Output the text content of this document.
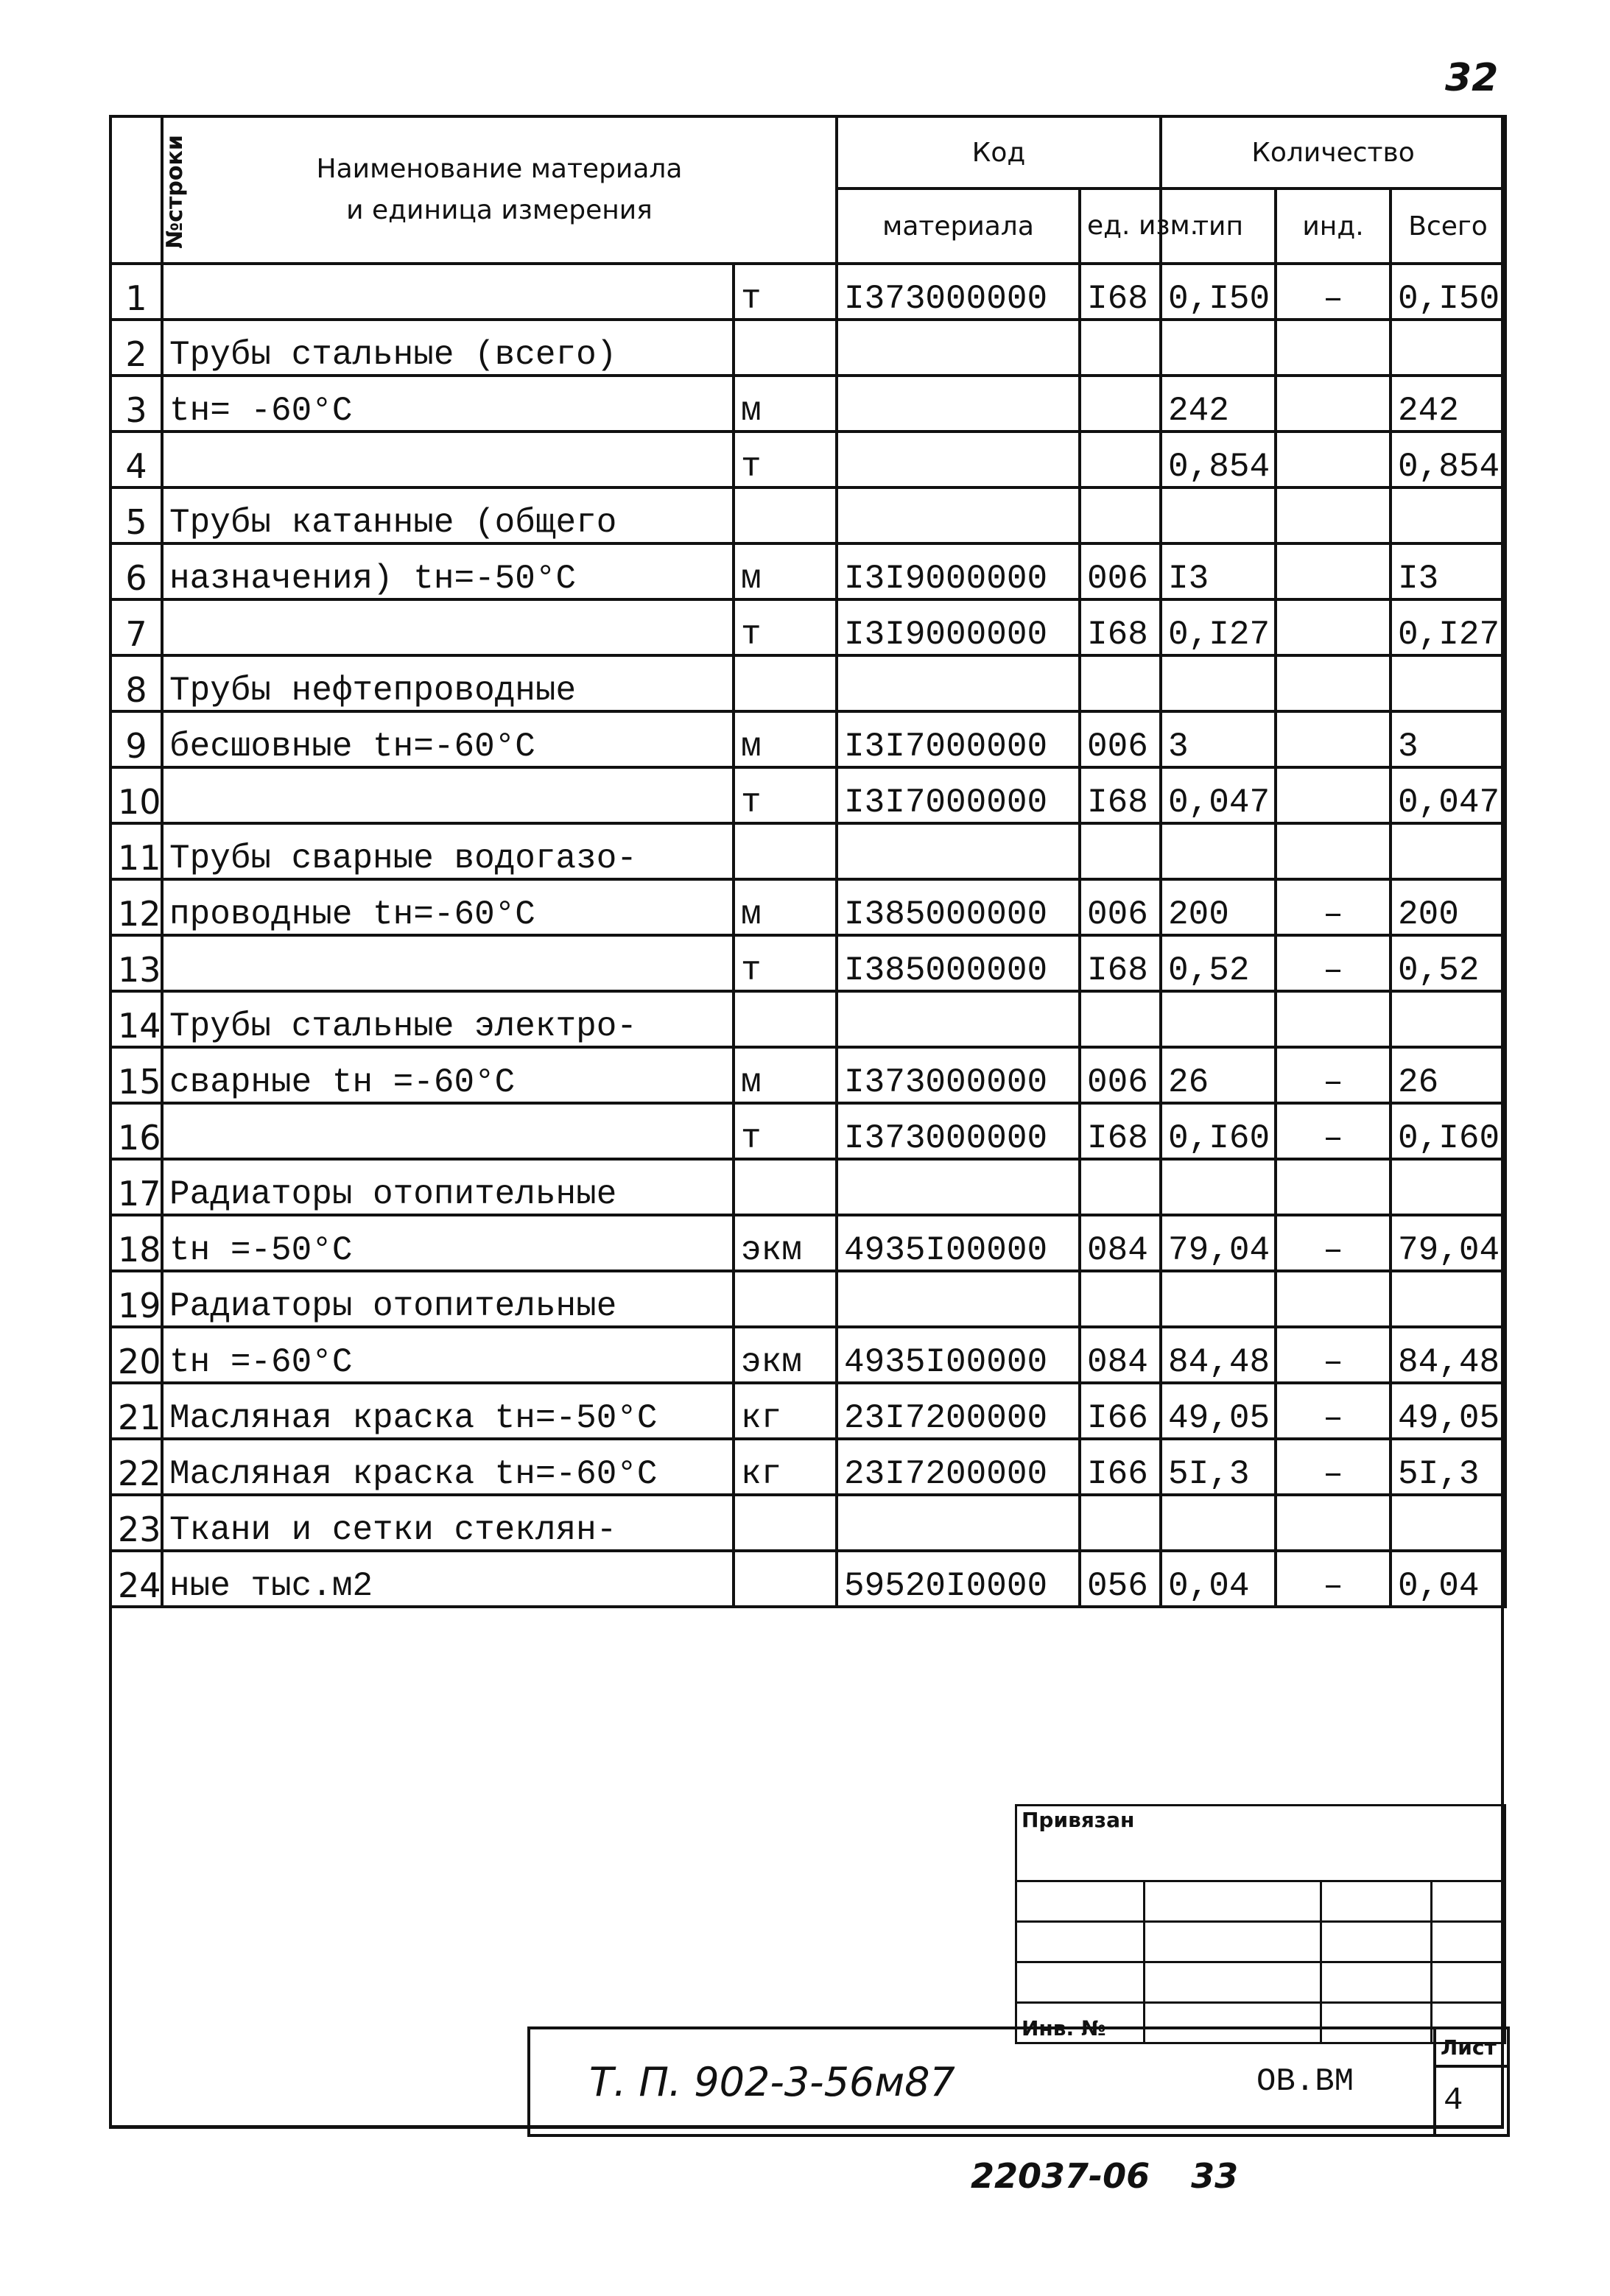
32
№строки	Наименование материала
и единица измерения		Код		Количество		
			материала	ед. изм.	тип	инд.	Всего
1		т	I373000000	I68	0,I50	–	0,I50
2	Трубы стальные (всего)						
3	tн= -60°С	м			242		242
4		т			0,854		0,854
5	Трубы катанные (общего						
6	назначения) tн=-50°С	м	I3I9000000	006	I3		I3
7		т	I3I9000000	I68	0,I27		0,I27
8	Трубы нефтепроводные						
9	бесшовные tн=-60°С	м	I3I7000000	006	3		3
10		т	I3I7000000	I68	0,047		0,047
11	Трубы сварные водогазо-						
12	проводные tн=-60°С	м	I385000000	006	200	–	200
13		т	I385000000	I68	0,52	–	0,52
14	Трубы стальные электро-						
15	сварные tн =-60°С	м	I373000000	006	26	–	26
16		т	I373000000	I68	0,I60	–	0,I60
17	Радиаторы отопительные						
18	tн =-50°С	экм	4935I00000	084	79,04	–	79,04
19	Радиаторы отопительные						
20	tн =-60°С	экм	4935I00000	084	84,48	–	84,48
21	Масляная краска tн=-50°С	кг	23I7200000	I66	49,05	–	49,05
22	Масляная краска tн=-60°С	кг	23I7200000	I66	5I,3	–	5I,3
23	Ткани и сетки стеклян-						
24	ные тыс.м2		59520I0000	056	0,04	–	0,04
Привязан			

Инв. №			
Т. П. 902-3-56м87	ОВ.ВМ	Лист
4
22037-06 33
